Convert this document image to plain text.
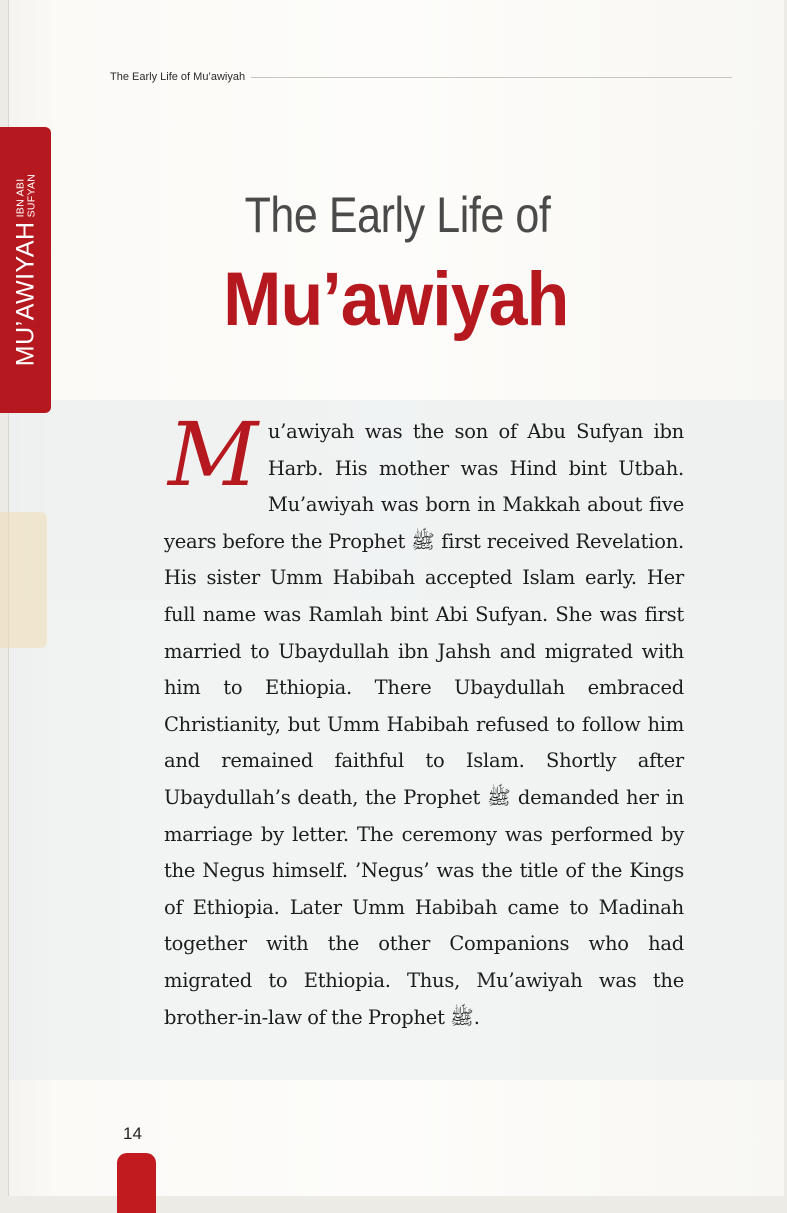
The Early Life of Mu’awiyah
MU’AWIYAH
IBN ABI SUFYAN	The Early Life of
Mu’awiyah
M u’awiyah was the son of Abu Sufyan ibn Harb. His mother was Hind bint Utbah. Mu’awiyah was born in Makkah about five years before the Prophet ﷺ first received Revelation. His sister Umm Habibah accepted Islam early. Her full name was Ramlah bint Abi Sufyan. She was first married to Ubaydullah ibn Jahsh and migrated with him to Ethiopia. There Ubaydullah embraced Christianity, but Umm Habibah refused to follow him and remained faithful to Islam. Shortly after Ubaydullah’s death, the Prophet ﷺ demanded her in marriage by letter. The ceremony was performed by the Negus himself. ’Negus’ was the title of the Kings of Ethiopia. Later Umm Habibah came to Madinah together with the other Companions who had migrated to Ethiopia. Thus, Mu’awiyah was the brother-in-law of the Prophet ﷺ.
14
